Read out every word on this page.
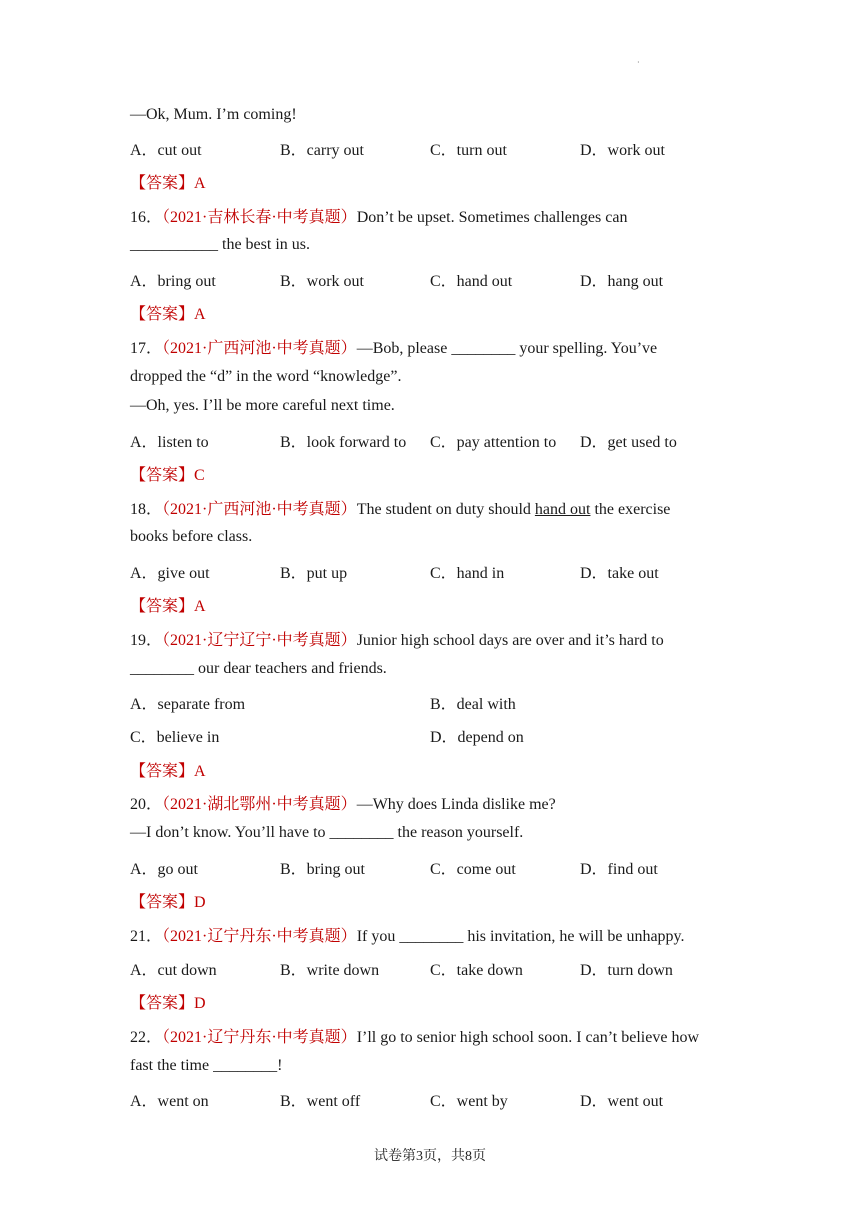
·
—Ok, Mum. I’m coming!
A．cut out	B．carry out	C．turn out	D．work out
【答案】A
16．（2021·吉林长春·中考真题）Don’t be upset. Sometimes challenges can
___________ the best in us.
A．bring out	B．work out	C．hand out	D．hang out
【答案】A
17．（2021·广西河池·中考真题）—Bob, please ________ your spelling. You’ve
dropped the “d” in the word “knowledge”.
—Oh, yes. I’ll be more careful next time.
A．listen to	B．look forward to C．pay attention to D．get used to
【答案】C
18．（2021·广西河池·中考真题）The student on duty should hand out the exercise
books before class.
A．give out	B．put up	C．hand in	D．take out
【答案】A
19．（2021·辽宁辽宁·中考真题）Junior high school days are over and it’s hard to
________ our dear teachers and friends.
A．separate from	B．deal with
C．believe in	D．depend on
【答案】A
20．（2021·湖北鄂州·中考真题）—Why does Linda dislike me?
—I don’t know. You’ll have to ________ the reason yourself.
A．go out	B．bring out	C．come out	D．find out
【答案】D
21．（2021·辽宁丹东·中考真题）If you ________ his invitation, he will be unhappy.
A．cut down	B．write down	C．take down	D．turn down
【答案】D
22．（2021·辽宁丹东·中考真题）I’ll go to senior high school soon. I can’t believe how
fast the time ________!
A．went on	B．went off	C．went by	D．went out
试卷第3页，共8页
